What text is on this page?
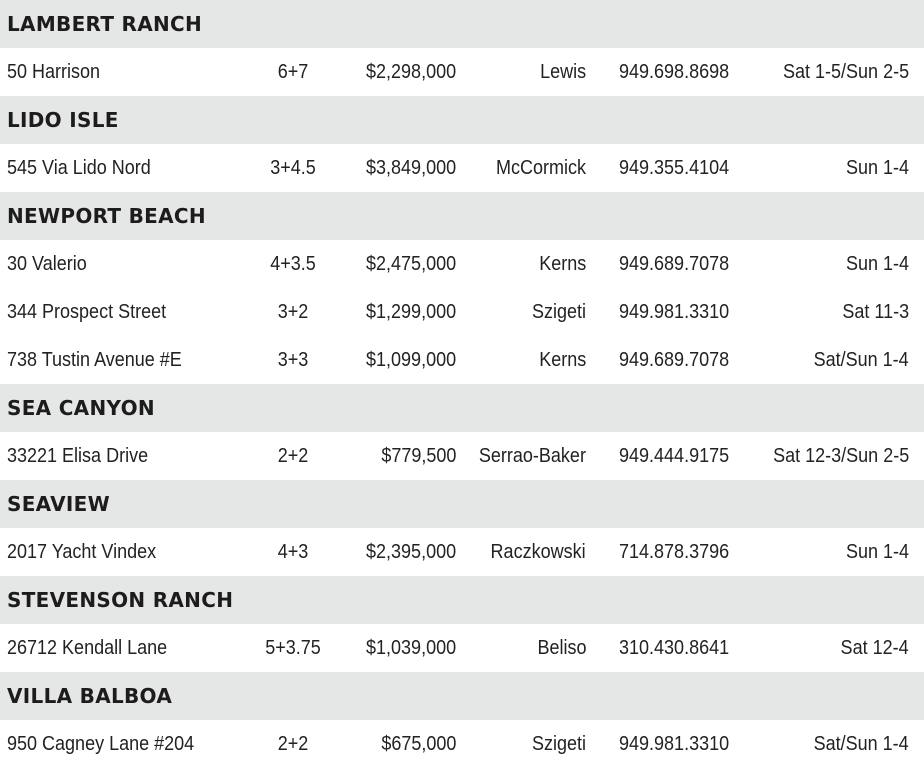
LAMBERT RANCH
50 Harrison	6+7	$2,298,000	Lewis 949.698.8698	Sat 1-5/Sun 2-5
LIDO ISLE
545 Via Lido Nord	3+4.5	$3,849,000 McCormick 949.355.4104	Sun 1-4
NEWPORT BEACH
30 Valerio	4+3.5	$2,475,000	Kerns 949.689.7078	Sun 1-4
344 Prospect Street	3+2	$1,299,000	Szigeti 949.981.3310	Sat 11-3
738 Tustin Avenue #E	3+3	$1,099,000	Kerns 949.689.7078	Sat/Sun 1-4
SEA CANYON
33221 Elisa Drive	2+2	$779,500 Serrao-Baker 949.444.9175 Sat 12-3/Sun 2-5
SEAVIEW
2017 Yacht Vindex	4+3	$2,395,000 Raczkowski 714.878.3796	Sun 1-4
STEVENSON RANCH
26712 Kendall Lane	5+3.75	$1,039,000	Beliso 310.430.8641	Sat 12-4
VILLA BALBOA
950 Cagney Lane #204	2+2	$675,000	Szigeti 949.981.3310	Sat/Sun 1-4
